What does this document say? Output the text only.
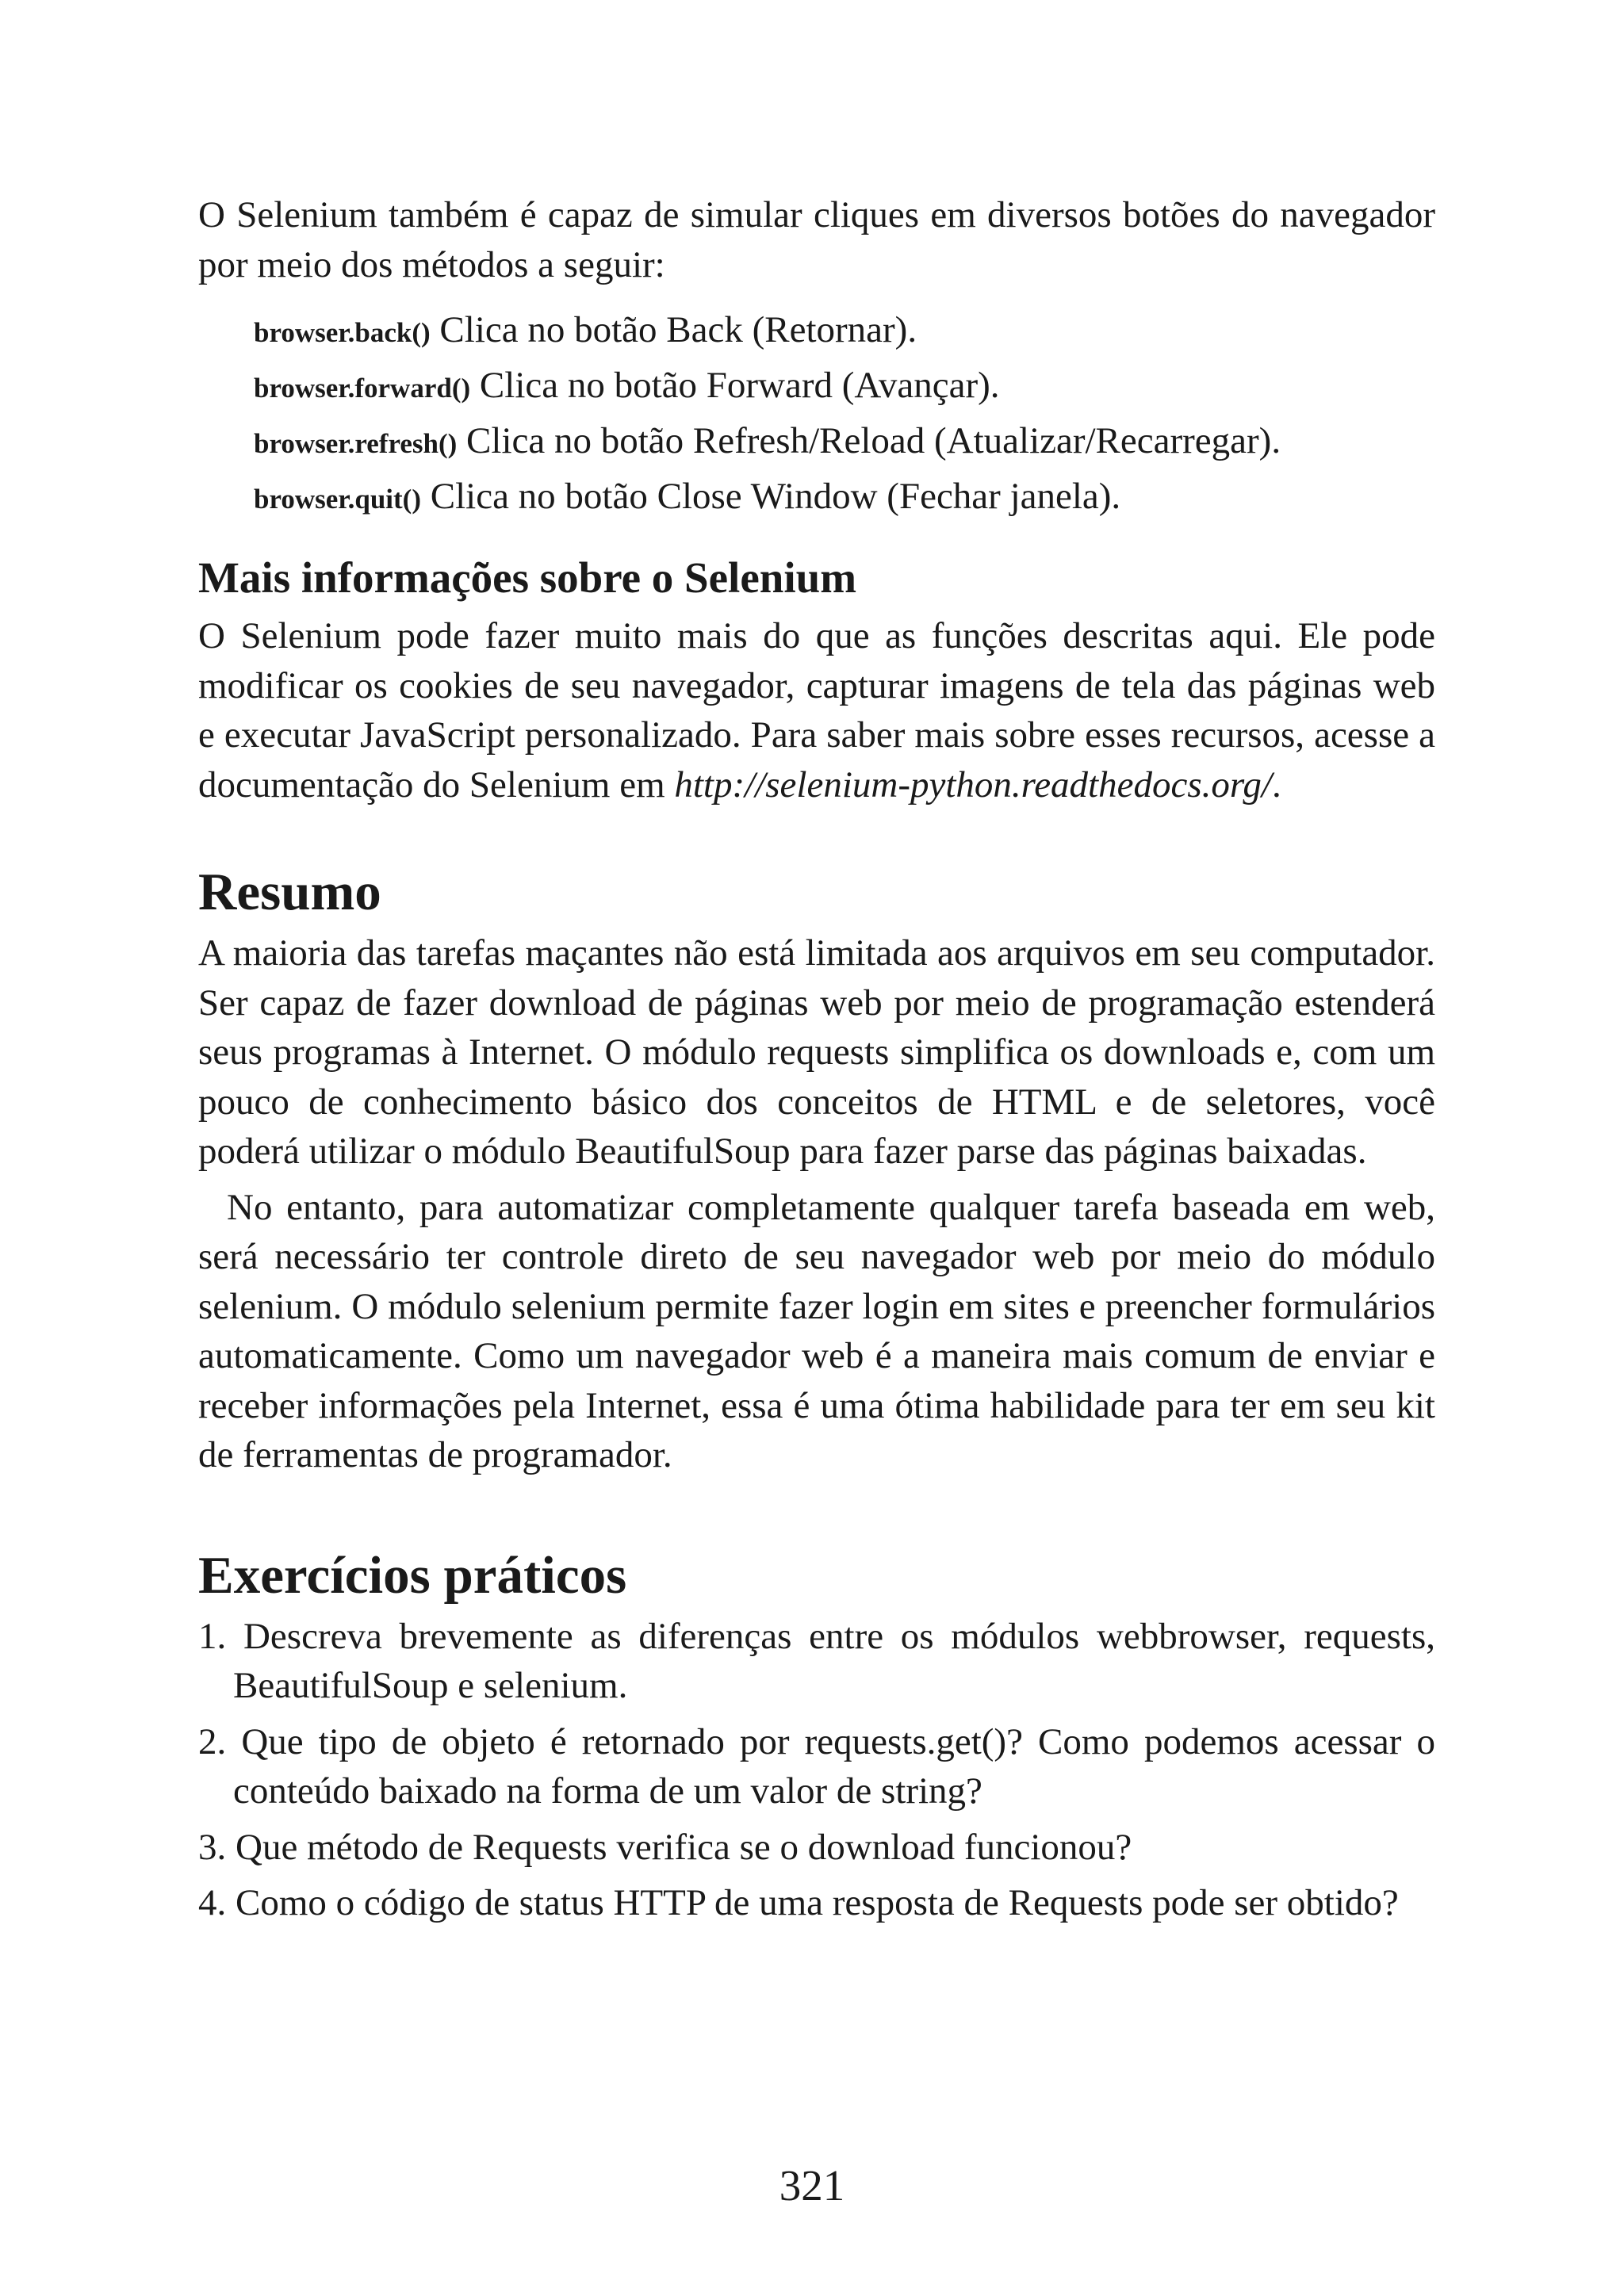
O Selenium também é capaz de simular cliques em diversos botões do navegador por meio dos métodos a seguir:

browser.back() Clica no botão Back (Retornar).
browser.forward() Clica no botão Forward (Avançar).
browser.refresh() Clica no botão Refresh/Reload (Atualizar/Recarregar).
browser.quit() Clica no botão Close Window (Fechar janela).
Mais informações sobre o Selenium

O Selenium pode fazer muito mais do que as funções descritas aqui. Ele pode modificar os cookies de seu navegador, capturar imagens de tela das páginas web e executar JavaScript personalizado. Para saber mais sobre esses recursos, acesse a documentação do Selenium em http://selenium-python.readthedocs.org/.

Resumo

A maioria das tarefas maçantes não está limitada aos arquivos em seu computador. Ser capaz de fazer download de páginas web por meio de programação estenderá seus programas à Internet. O módulo requests simplifica os downloads e, com um pouco de conhecimento básico dos conceitos de HTML e de seletores, você poderá utilizar o módulo BeautifulSoup para fazer parse das páginas baixadas.

No entanto, para automatizar completamente qualquer tarefa baseada em web, será necessário ter controle direto de seu navegador web por meio do módulo selenium. O módulo selenium permite fazer login em sites e preencher formulários automaticamente. Como um navegador web é a maneira mais comum de enviar e receber informações pela Internet, essa é uma ótima habilidade para ter em seu kit de ferramentas de programador.

Exercícios práticos
1. Descreva brevemente as diferenças entre os módulos webbrowser, requests, BeautifulSoup e selenium.
2. Que tipo de objeto é retornado por requests.get()? Como podemos acessar o conteúdo baixado na forma de um valor de string?
3. Que método de Requests verifica se o download funcionou?
4. Como o código de status HTTP de uma resposta de Requests pode ser obtido?
321
